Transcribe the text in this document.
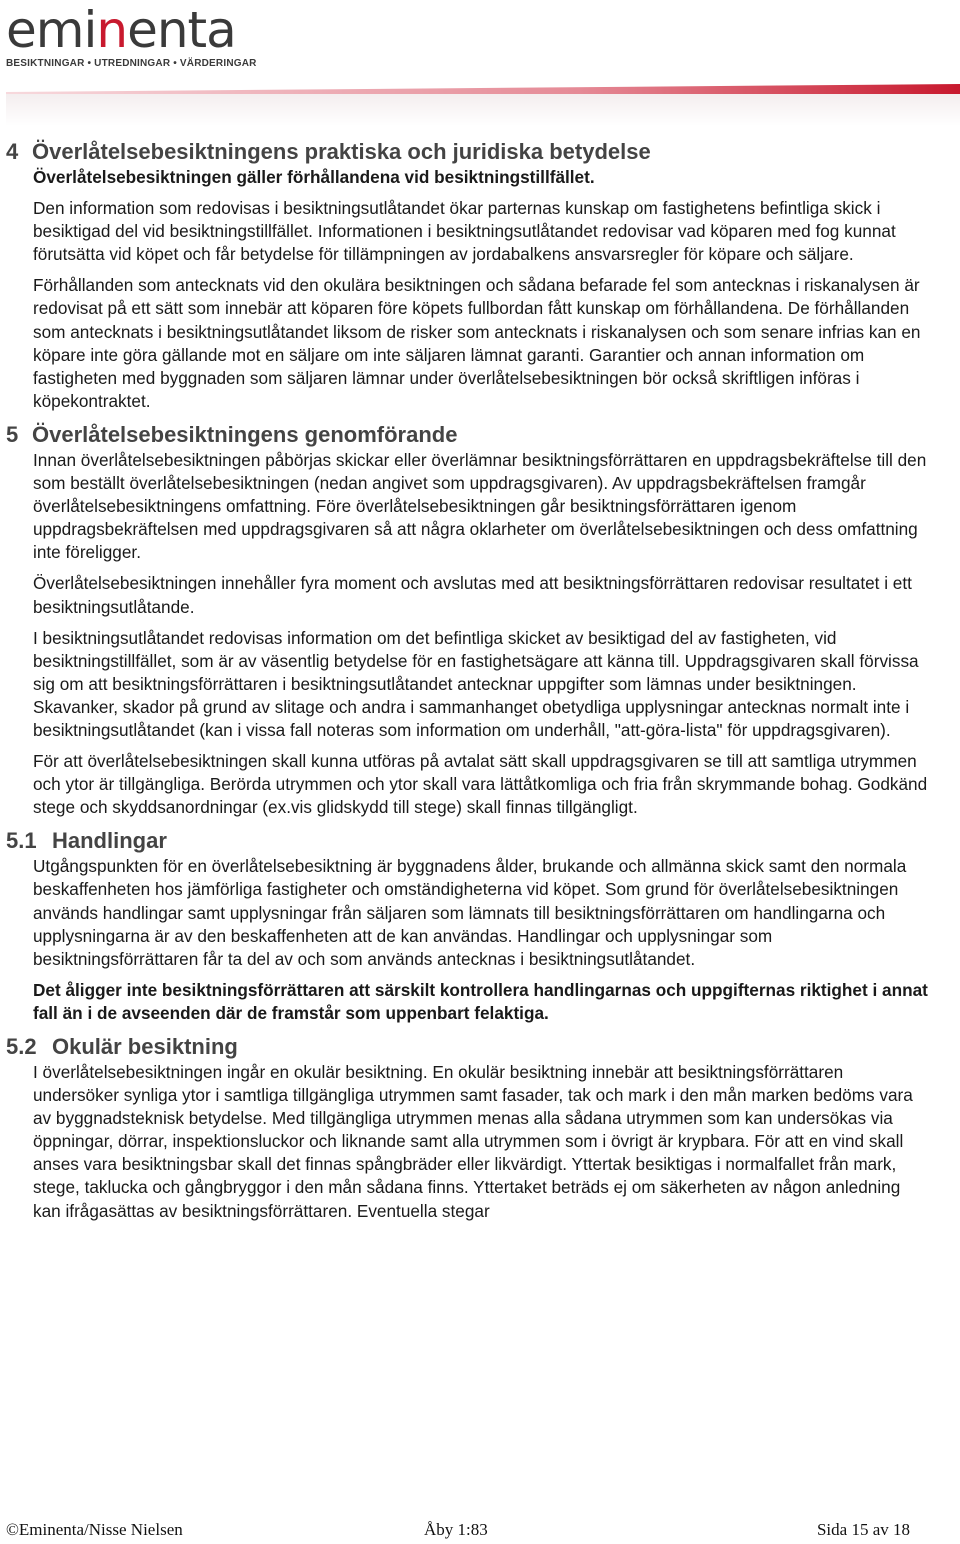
eminenta
BESIKTNINGAR • UTREDNINGAR • VÄRDERINGAR
4 Överlåtelsebesiktningens praktiska och juridiska betydelse

Överlåtelsebesiktningen gäller förhållandena vid besiktningstillfället.

Den information som redovisas i besiktningsutlåtandet ökar parternas kunskap om fastighetens befintliga skick i besiktigad del vid besiktningstillfället. Informationen i besiktningsutlåtandet redovisar vad köparen med fog kunnat förutsätta vid köpet och får betydelse för tillämpningen av jordabalkens ansvarsregler för köpare och säljare.

Förhållanden som antecknats vid den okulära besiktningen och sådana befarade fel som antecknas i riskanalysen är redovisat på ett sätt som innebär att köparen före köpets fullbordan fått kunskap om förhållandena. De förhållanden som antecknats i besiktningsutlåtandet liksom de risker som antecknats i riskanalysen och som senare infrias kan en köpare inte göra gällande mot en säljare om inte säljaren lämnat garanti. Garantier och annan information om fastigheten med byggnaden som säljaren lämnar under överlåtelsebesiktningen bör också skriftligen införas i köpekontraktet.

5 Överlåtelsebesiktningens genomförande

Innan överlåtelsebesiktningen påbörjas skickar eller överlämnar besiktningsförrättaren en uppdragsbekräftelse till den som beställt överlåtelsebesiktningen (nedan angivet som uppdragsgivaren). Av uppdragsbekräftelsen framgår överlåtelsebesiktningens omfattning. Före överlåtelsebesiktningen går besiktningsförrättaren igenom uppdragsbekräftelsen med uppdragsgivaren så att några oklarheter om överlåtelsebesiktningen och dess omfattning inte föreligger.

Överlåtelsebesiktningen innehåller fyra moment och avslutas med att besiktningsförrättaren redovisar resultatet i ett besiktningsutlåtande.

I besiktningsutlåtandet redovisas information om det befintliga skicket av besiktigad del av fastigheten, vid besiktningstillfället, som är av väsentlig betydelse för en fastighetsägare att känna till. Uppdragsgivaren skall förvissa sig om att besiktningsförrättaren i besiktningsutlåtandet antecknar uppgifter som lämnas under besiktningen. Skavanker, skador på grund av slitage och andra i sammanhanget obetydliga upplysningar antecknas normalt inte i besiktningsutlåtandet (kan i vissa fall noteras som information om underhåll, "att-göra-lista" för uppdragsgivaren).

För att överlåtelsebesiktningen skall kunna utföras på avtalat sätt skall uppdragsgivaren se till att samtliga utrymmen och ytor är tillgängliga. Berörda utrymmen och ytor skall vara lättåtkomliga och fria från skrymmande bohag. Godkänd stege och skyddsanordningar (ex.vis glidskydd till stege) skall finnas tillgängligt.

5.1 Handlingar

Utgångspunkten för en överlåtelsebesiktning är byggnadens ålder, brukande och allmänna skick samt den normala beskaffenheten hos jämförliga fastigheter och omständigheterna vid köpet. Som grund för överlåtelsebesiktningen används handlingar samt upplysningar från säljaren som lämnats till besiktningsförrättaren om handlingarna och upplysningarna är av den beskaffenheten att de kan användas. Handlingar och upplysningar som besiktningsförrättaren får ta del av och som används antecknas i besiktningsutlåtandet.

Det åligger inte besiktningsförrättaren att särskilt kontrollera handlingarnas och uppgifternas riktighet i annat fall än i de avseenden där de framstår som uppenbart felaktiga.

5.2 Okulär besiktning

I överlåtelsebesiktningen ingår en okulär besiktning. En okulär besiktning innebär att besiktningsförrättaren undersöker synliga ytor i samtliga tillgängliga utrymmen samt fasader, tak och mark i den mån marken bedöms vara av byggnadsteknisk betydelse. Med tillgängliga utrymmen menas alla sådana utrymmen som kan undersökas via öppningar, dörrar, inspektionsluckor och liknande samt alla utrymmen som i övrigt är krypbara. För att en vind skall anses vara besiktningsbar skall det finnas spångbräder eller likvärdigt. Yttertak besiktigas i normalfallet från mark, stege, taklucka och gångbryggor i den mån sådana finns. Yttertaket beträds ej om säkerheten av någon anledning kan ifrågasättas av besiktningsförrättaren. Eventuella stegar

©Eminenta/Nisse Nielsen	Åby 1:83	Sida 15 av 18
